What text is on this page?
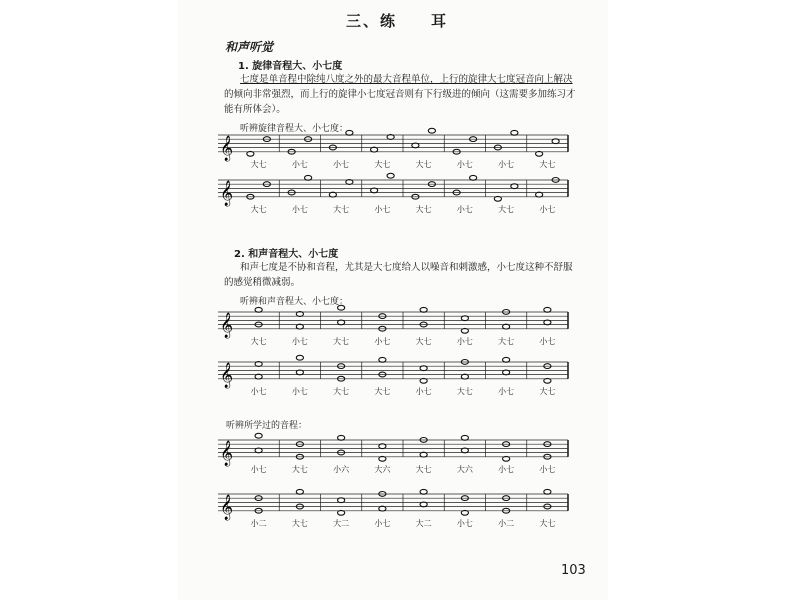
三、练　　耳
和声听觉
1. 旋律音程大、小七度
七度是单音程中除纯八度之外的最大音程单位，上行的旋律大七度冠音向上解决
的倾向非常强烈，而上行的旋律小七度冠音则有下行级进的倾向（这需要多加练习才
能有所体会）。
听辨旋律音程大、小七度：
2. 和声音程大、小七度
和声七度是不协和音程，尤其是大七度给人以噪音和刺激感，小七度这种不舒服
的感觉稍微减弱。
听辨和声音程大、小七度：
听辨所学过的音程：
103
𝄞
大七	小七	小七	大七	大七	小七	小七	大七
𝄞
大七	小七	大七	小七	大七	小七	大七	小七
𝄞
大七	小七	大七	小七	大七	小七	大七	小七
𝄞
小七	小七	大七	大七	小七	大七	小七	大七
𝄞
小七	大七	小六	大六	大七	大六	小七	小七
𝄞
小二	大七	大二	小七	大二	小七	小二	大七
